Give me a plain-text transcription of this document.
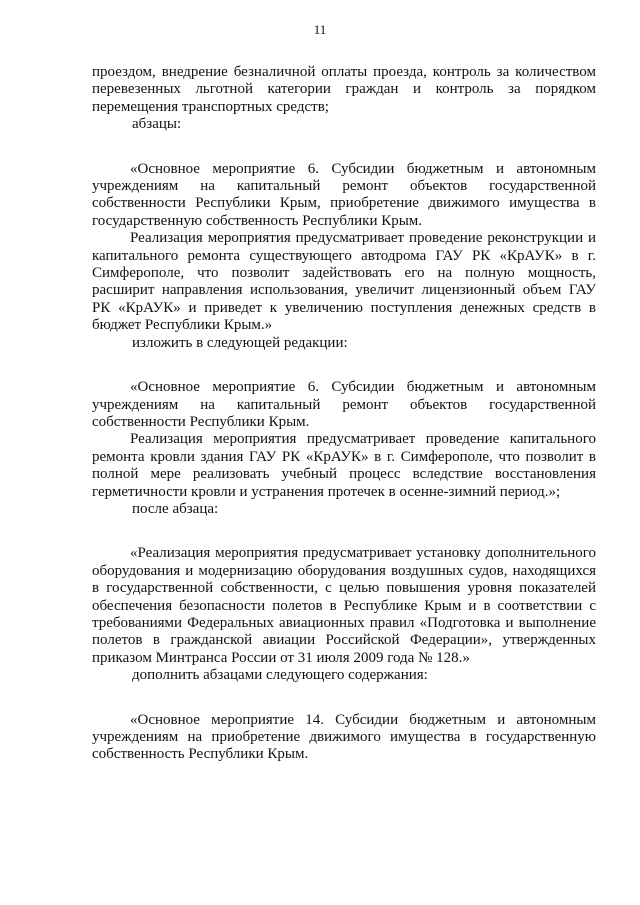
11

проездом, внедрение безналичной оплаты проезда, контроль за количеством перевезенных льготной категории граждан и контроль за порядком перемещения транспортных средств;

абзацы:

«Основное мероприятие 6. Субсидии бюджетным и автономным учреждениям на капитальный ремонт объектов государственной собственности Республики Крым, приобретение движимого имущества в государственную собственность Республики Крым.

Реализация мероприятия предусматривает проведение реконструкции и капитального ремонта существующего автодрома ГАУ РК «КрАУК» в г. Симферополе, что позволит задействовать его на полную мощность, расширит направления использования, увеличит лицензионный объем ГАУ РК «КрАУК» и приведет к увеличению поступления денежных средств в бюджет Республики Крым.»

изложить в следующей редакции:

«Основное мероприятие 6. Субсидии бюджетным и автономным учреждениям на капитальный ремонт объектов государственной собственности Республики Крым.

Реализация мероприятия предусматривает проведение капитального ремонта кровли здания ГАУ РК «КрАУК» в г. Симферополе, что позволит в полной мере реализовать учебный процесс вследствие восстановления герметичности кровли и устранения протечек в осенне-зимний период.»;

после абзаца:

«Реализация мероприятия предусматривает установку дополнительного оборудования и модернизацию оборудования воздушных судов, находящихся в государственной собственности, с целью повышения уровня показателей обеспечения безопасности полетов в Республике Крым и в соответствии с требованиями Федеральных авиационных правил «Подготовка и выполнение полетов в гражданской авиации Российской Федерации», утвержденных приказом Минтранса России от 31 июля 2009 года № 128.»

дополнить абзацами следующего содержания:

«Основное мероприятие 14. Субсидии бюджетным и автономным учреждениям на приобретение движимого имущества в государственную собственность Республики Крым.
